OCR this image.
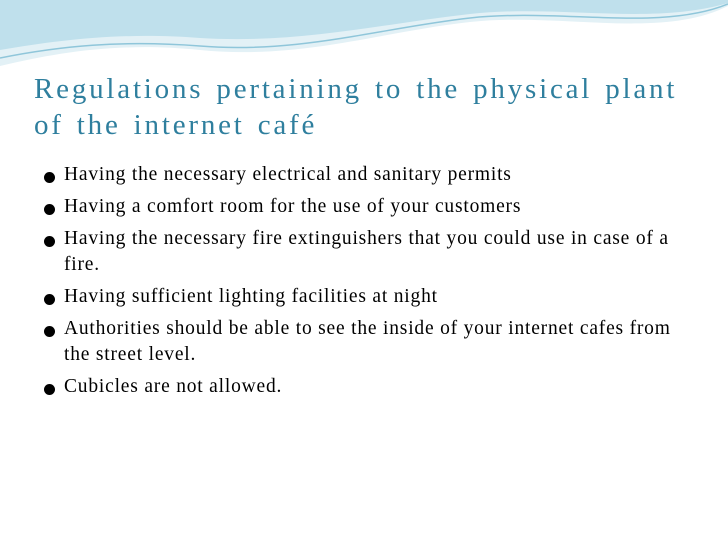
Regulations pertaining to the physical plant of the internet café
Having the necessary electrical and sanitary permits
Having a comfort room for the use of your customers
Having the necessary fire extinguishers that you could use in case of a fire.
Having sufficient lighting facilities at night
Authorities should be able to see the inside of your internet cafes from the street level.
Cubicles are not allowed.
